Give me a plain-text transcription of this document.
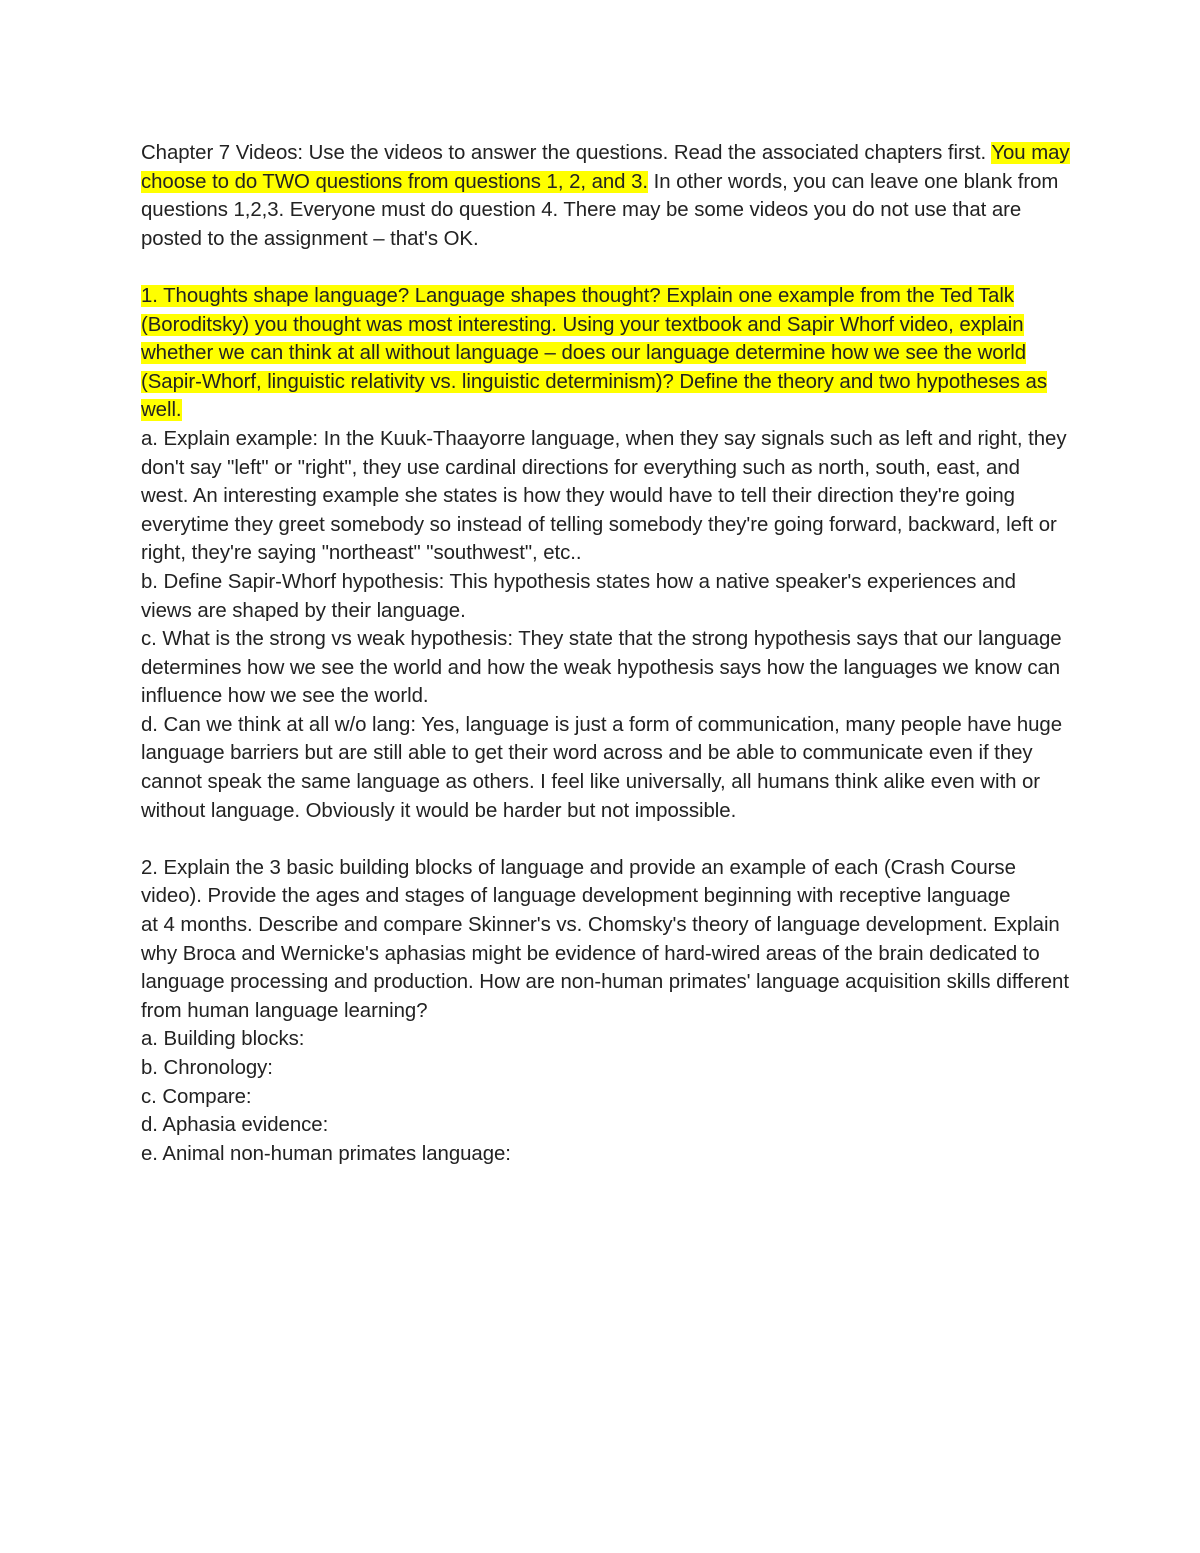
Chapter 7 Videos: Use the videos to answer the questions. Read the associated chapters first. You may choose to do TWO questions from questions 1, 2, and 3. In other words, you can leave one blank from questions 1,2,3. Everyone must do question 4. There may be some videos you do not use that are posted to the assignment – that's OK.

1. Thoughts shape language? Language shapes thought? Explain one example from the Ted Talk (Boroditsky) you thought was most interesting. Using your textbook and Sapir Whorf video, explain whether we can think at all without language – does our language determine how we see the world (Sapir-Whorf, linguistic relativity vs. linguistic determinism)? Define the theory and two hypotheses as well.

a. Explain example: In the Kuuk-Thaayorre language, when they say signals such as left and right, they don't say "left" or "right", they use cardinal directions for everything such as north, south, east, and west. An interesting example she states is how they would have to tell their direction they're going everytime they greet somebody so instead of telling somebody they're going forward, backward, left or right, they're saying "northeast" "southwest", etc..

b. Define Sapir-Whorf hypothesis: This hypothesis states how a native speaker's experiences and views are shaped by their language.

c. What is the strong vs weak hypothesis: They state that the strong hypothesis says that our language determines how we see the world and how the weak hypothesis says how the languages we know can influence how we see the world.

d. Can we think at all w/o lang: Yes, language is just a form of communication, many people have huge language barriers but are still able to get their word across and be able to communicate even if they cannot speak the same language as others. I feel like universally, all humans think alike even with or without language. Obviously it would be harder but not impossible.

2. Explain the 3 basic building blocks of language and provide an example of each (Crash Course

video). Provide the ages and stages of language development beginning with receptive language

at 4 months. Describe and compare Skinner's vs. Chomsky's theory of language development. Explain why Broca and Wernicke's aphasias might be evidence of hard-wired areas of the brain dedicated to language processing and production. How are non-human primates' language acquisition skills different from human language learning?

a. Building blocks:

b. Chronology:

c. Compare:

d. Aphasia evidence:

e. Animal non-human primates language:
